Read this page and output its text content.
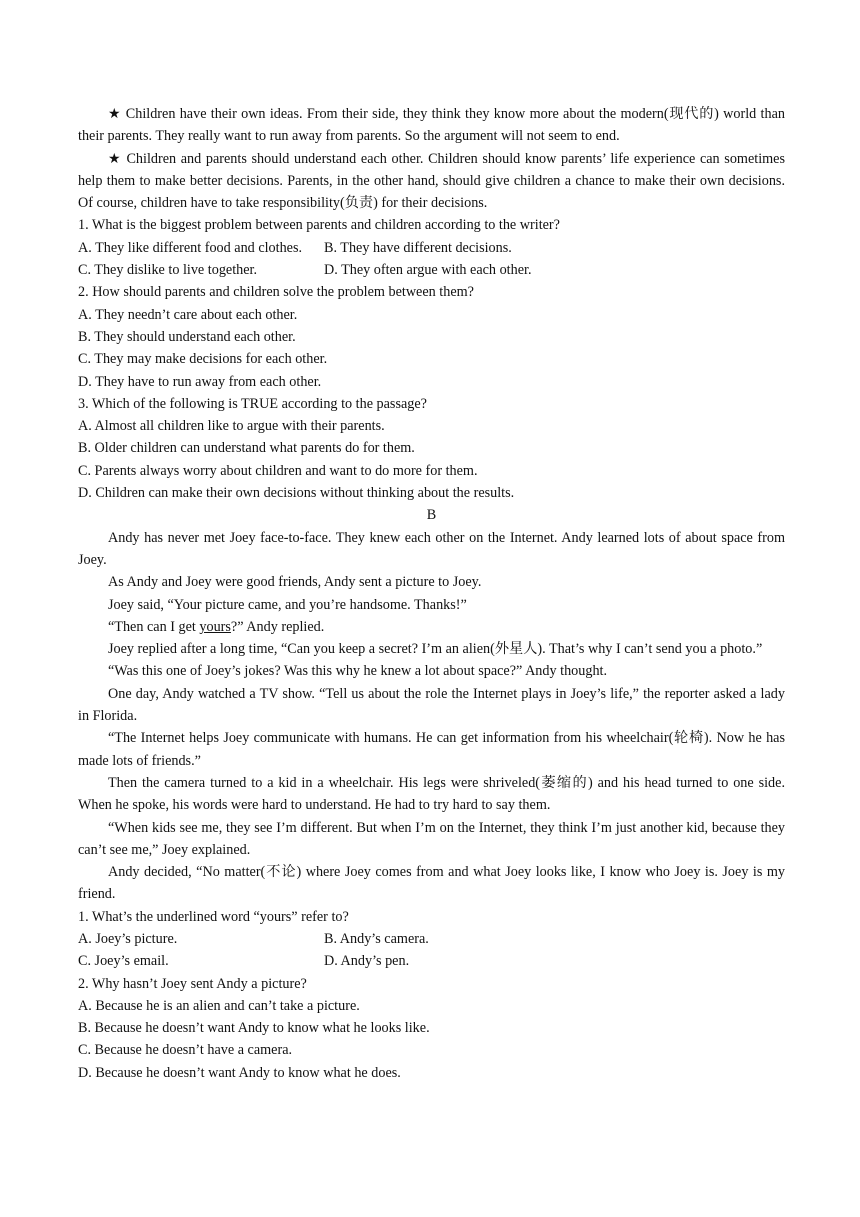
★ Children have their own ideas. From their side, they think they know more about the modern(现代的) world than their parents. They really want to run away from parents. So the argument will not seem to end.

★ Children and parents should understand each other. Children should know parents’ life experience can sometimes help them to make better decisions. Parents, in the other hand, should give children a chance to make their own decisions. Of course, children have to take responsibility(负责) for their decisions.

1. What is the biggest problem between parents and children according to the writer?

A. They like different food and clothes.	B. They have different decisions.
C. They dislike to live together.	D. They often argue with each other.

2. How should parents and children solve the problem between them?

A. They needn’t care about each other.

B. They should understand each other.

C. They may make decisions for each other.

D. They have to run away from each other.

3. Which of the following is TRUE according to the passage?

A. Almost all children like to argue with their parents.

B. Older children can understand what parents do for them.

C. Parents always worry about children and want to do more for them.

D. Children can make their own decisions without thinking about the results.

B

Andy has never met Joey face-to-face. They knew each other on the Internet. Andy learned lots of about space from Joey.

As Andy and Joey were good friends, Andy sent a picture to Joey.

Joey said, “Your picture came, and you’re handsome. Thanks!”

“Then can I get yours?” Andy replied.

Joey replied after a long time, “Can you keep a secret? I’m an alien(外星人). That’s why I can’t send you a photo.”

“Was this one of Joey’s jokes? Was this why he knew a lot about space?” Andy thought.

One day, Andy watched a TV show. “Tell us about the role the Internet plays in Joey’s life,” the reporter asked a lady in Florida.

“The Internet helps Joey communicate with humans. He can get information from his wheelchair(轮椅). Now he has made lots of friends.”

Then the camera turned to a kid in a wheelchair. His legs were shriveled(萎缩的) and his head turned to one side. When he spoke, his words were hard to understand. He had to try hard to say them.

“When kids see me, they see I’m different. But when I’m on the Internet, they think I’m just another kid, because they can’t see me,” Joey explained.

Andy decided, “No matter(不论) where Joey comes from and what Joey looks like, I know who Joey is. Joey is my friend.

1. What’s the underlined word “yours” refer to?

A. Joey’s picture.	B. Andy’s camera.
C. Joey’s email.	D. Andy’s pen.

2. Why hasn’t Joey sent Andy a picture?

A. Because he is an alien and can’t take a picture.

B. Because he doesn’t want Andy to know what he looks like.

C. Because he doesn’t have a camera.

D. Because he doesn’t want Andy to know what he does.
